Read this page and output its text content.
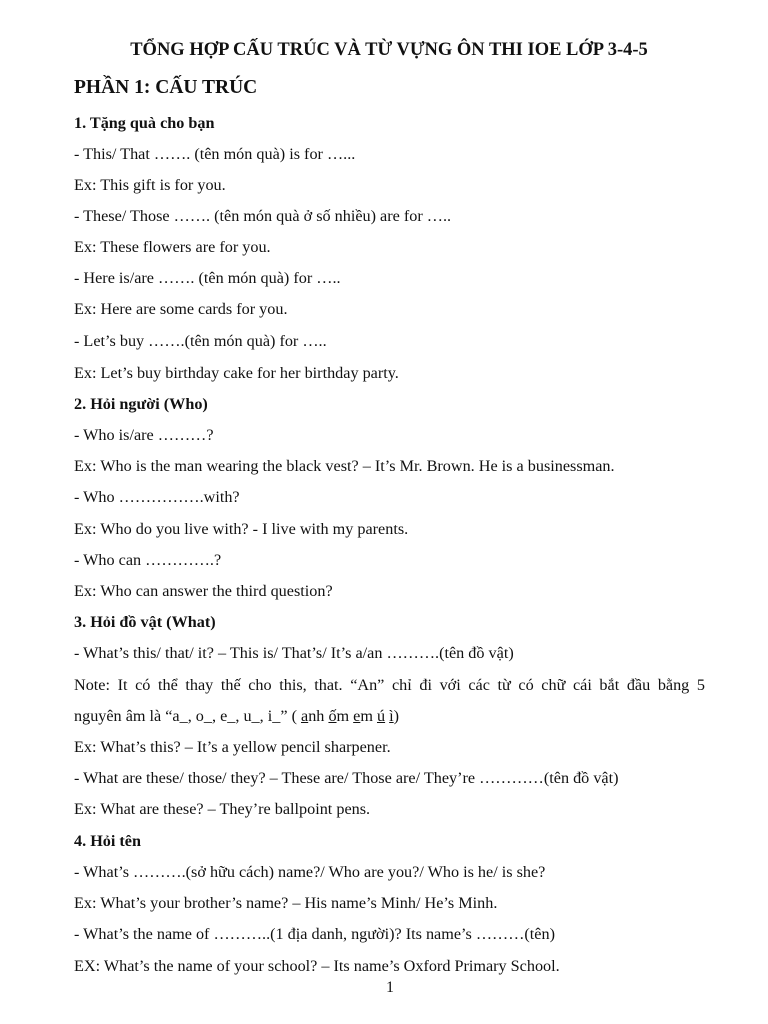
TỔNG HỢP CẤU TRÚC VÀ TỪ VỰNG ÔN THI IOE LỚP 3-4-5
PHẦN 1: CẤU TRÚC
1. Tặng quà cho bạn
- This/ That ……. (tên món quà) is for …...
Ex: This gift is for you.
- These/ Those ……. (tên món quà ở số nhiều) are for …..
Ex: These flowers are for you.
- Here is/are ……. (tên món quà) for …..
Ex: Here are some cards for you.
- Let’s buy …….(tên món quà) for …..
Ex: Let’s buy birthday cake for her birthday party.
2. Hỏi người (Who)
- Who is/are ………?
Ex: Who is the man wearing the black vest? – It’s Mr. Brown. He is a businessman.
- Who …………….with?
Ex: Who do you live with? - I live with my parents.
- Who can ………….?
Ex: Who can answer the third question?
3. Hỏi đồ vật (What)
- What’s this/ that/ it? – This is/ That’s/ It’s a/an ……….(tên đồ vật)
Note: It có thể thay thế cho this, that. “An” chỉ đi với các từ có chữ cái bắt đầu bằng 5
nguyên âm là “a_, o_, e_, u_, i_” ( anh ốm em ú ì)
Ex: What’s this? – It’s a yellow pencil sharpener.
- What are these/ those/ they? – These are/ Those are/ They’re …………(tên đồ vật)
Ex: What are these? – They’re ballpoint pens.
4. Hỏi tên
- What’s ……….(sở hữu cách) name?/ Who are you?/ Who is he/ is she?
Ex: What’s your brother’s name? – His name’s Minh/ He’s Minh.
- What’s the name of ………..(1 địa danh, người)? Its name’s ………(tên)
EX: What’s the name of your school? – Its name’s Oxford Primary School.
1
